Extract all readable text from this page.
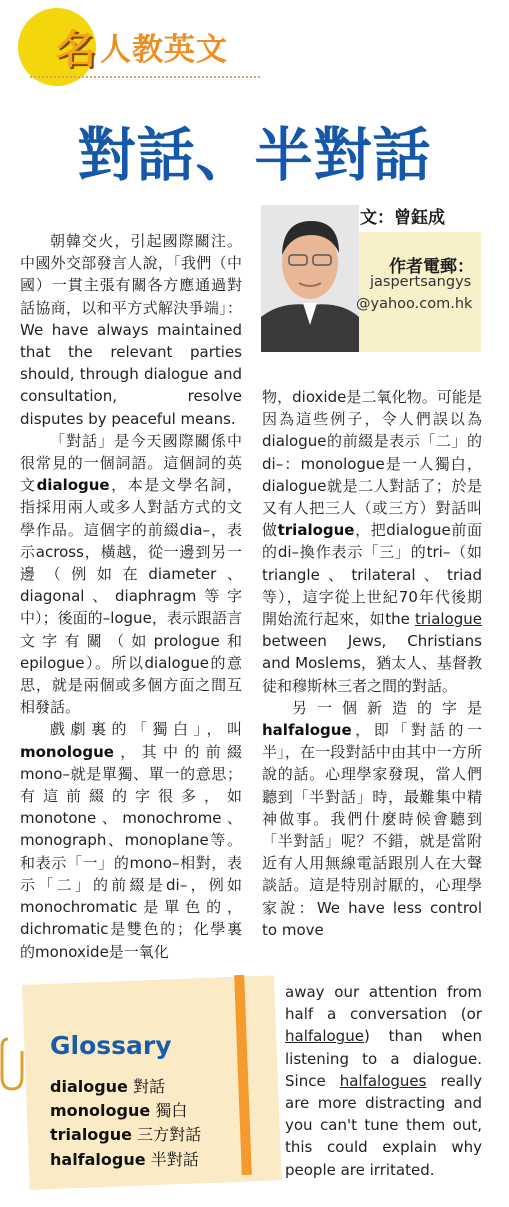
名 人教英文
對話、半對話
文：曾鈺成
作者電郵：
jaspertsangys
@yahoo.com.hk

朝韓交火，引起國際關注。中國外交部發言人說，「我們（中國）一貫主張有關各方應通過對話協商，以和平方式解決爭端」：We have always maintained that the relevant parties should, through dialogue and consultation, resolve disputes by peaceful means.

「對話」是今天國際關係中很常見的一個詞語。這個詞的英文dialogue，本是文學名詞，指採用兩人或多人對話方式的文學作品。這個字的前綴dia–，表示across，橫越，從一邊到另一邊（例如在diameter、diagonal、diaphragm等字中）；後面的–logue，表示跟語言文字有關（如prologue和epilogue）。所以dialogue的意思，就是兩個或多個方面之間互相發話。

戲劇裏的「獨白」，叫monologue，其中的前綴mono–就是單獨、單一的意思；有這前綴的字很多，如monotone、monochrome、monograph、monoplane等。和表示「一」的mono–相對，表示「二」的前綴是di–，例如monochromatic是單色的，dichromatic是雙色的；化學裏的monoxide是一氧化

物，dioxide是二氧化物。可能是因為這些例子，令人們誤以為dialogue的前綴是表示「二」的di–：monologue是一人獨白，dialogue就是二人對話了；於是又有人把三人（或三方）對話叫做trialogue，把dialogue前面的di–換作表示「三」的tri–（如triangle、trilateral、triad等），這字從上世紀70年代後期開始流行起來，如the trialogue between Jews, Christians and Moslems，猶太人、基督教徒和穆斯林三者之間的對話。

另一個新造的字是halfalogue，即「對話的一半」，在一段對話中由其中一方所說的話。心理學家發現，當人們聽到「半對話」時，最難集中精神做事。我們什麼時候會聽到「半對話」呢？不錯，就是當附近有人用無線電話跟別人在大聲談話。這是特別討厭的，心理學家說：We have less control to move

away our attention from half a conversation (or halfalogue) than when listening to a dialogue. Since halfalogues really are more distracting and you can't tune them out, this could explain why people are irritated.

Glossary
dialogue 對話
monologue 獨白
trialogue 三方對話
halfalogue 半對話
